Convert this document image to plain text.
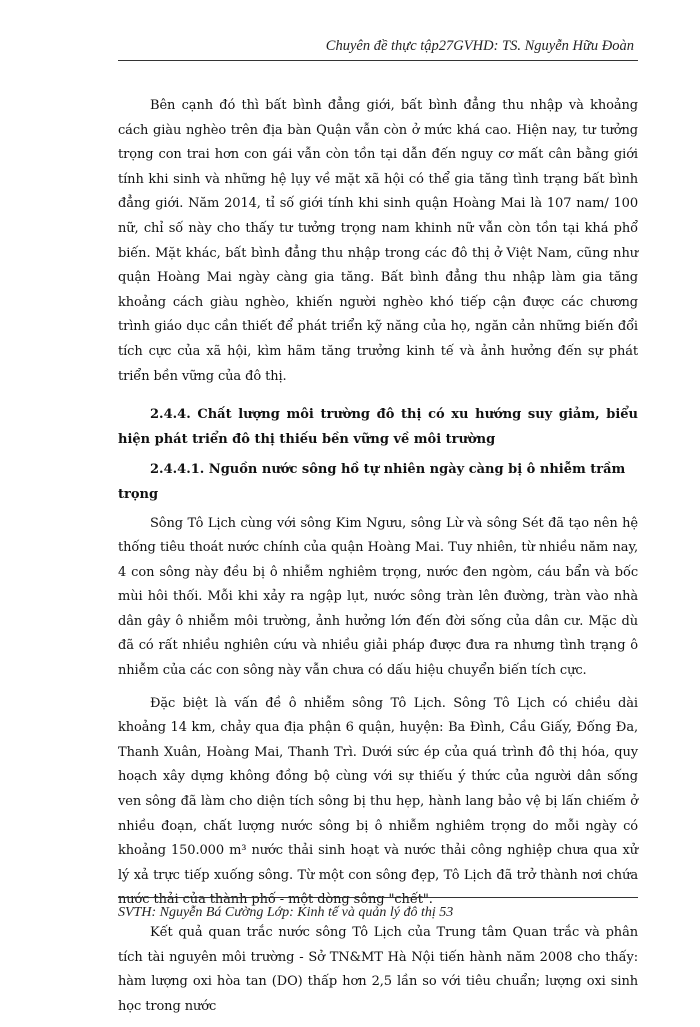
Chuyên đề thực tập27GVHD: TS. Nguyễn Hữu Đoàn

Bên cạnh đó thì bất bình đẳng giới, bất bình đẳng thu nhập và khoảng cách giàu nghèo trên địa bàn Quận vẫn còn ở mức khá cao. Hiện nay, tư tưởng trọng con trai hơn con gái vẫn còn tồn tại dẫn đến nguy cơ mất cân bằng giới tính khi sinh và những hệ lụy về mặt xã hội có thể gia tăng tình trạng bất bình đẳng giới. Năm 2014, tỉ số giới tính khi sinh quận Hoàng Mai là 107 nam/ 100 nữ, chỉ số này cho thấy tư tưởng trọng nam khinh nữ vẫn còn tồn tại khá phổ biến. Mặt khác, bất bình đẳng thu nhập trong các đô thị ở Việt Nam, cũng như quận Hoàng Mai ngày càng gia tăng. Bất bình đẳng thu nhập làm gia tăng khoảng cách giàu nghèo, khiến người nghèo khó tiếp cận được các chương trình giáo dục cần thiết để phát triển kỹ năng của họ, ngăn cản những biến đổi tích cực của xã hội, kìm hãm tăng trưởng kinh tế và ảnh hưởng đến sự phát triển bền vững của đô thị.

2.4.4. Chất lượng môi trường đô thị có xu hướng suy giảm, biểu hiện phát triển đô thị thiếu bền vững về môi trường

2.4.4.1. Nguồn nước sông hồ tự nhiên ngày càng bị ô nhiễm trầm trọng

Sông Tô Lịch cùng với sông Kim Ngưu, sông Lừ và sông Sét đã tạo nên hệ thống tiêu thoát nước chính của quận Hoàng Mai. Tuy nhiên, từ nhiều năm nay, 4 con sông này đều bị ô nhiễm nghiêm trọng, nước đen ngòm, cáu bẩn và bốc mùi hôi thối. Mỗi khi xảy ra ngập lụt, nước sông tràn lên đường, tràn vào nhà dân gây ô nhiễm môi trường, ảnh hưởng lớn đến đời sống của dân cư. Mặc dù đã có rất nhiều nghiên cứu và nhiều giải pháp được đưa ra nhưng tình trạng ô nhiễm của các con sông này vẫn chưa có dấu hiệu chuyển biến tích cực.

Đặc biệt là vấn đề ô nhiễm sông Tô Lịch. Sông Tô Lịch có chiều dài khoảng 14 km, chảy qua địa phận 6 quận, huyện: Ba Đình, Cầu Giấy, Đống Đa, Thanh Xuân, Hoàng Mai, Thanh Trì. Dưới sức ép của quá trình đô thị hóa, quy hoạch xây dựng không đồng bộ cùng với sự thiếu ý thức của người dân sống ven sông đã làm cho diện tích sông bị thu hẹp, hành lang bảo vệ bị lấn chiếm ở nhiều đoạn, chất lượng nước sông bị ô nhiễm nghiêm trọng do mỗi ngày có khoảng 150.000 m³ nước thải sinh hoạt và nước thải công nghiệp chưa qua xử lý xả trực tiếp xuống sông. Từ một con sông đẹp, Tô Lịch đã trở thành nơi chứa nước thải của thành phố - một dòng sông "chết".

Kết quả quan trắc nước sông Tô Lịch của Trung tâm Quan trắc và phân tích tài nguyên môi trường - Sở TN&MT Hà Nội tiến hành năm 2008 cho thấy: hàm lượng oxi hòa tan (DO) thấp hơn 2,5 lần so với tiêu chuẩn; lượng oxi sinh học trong nước

SVTH: Nguyễn Bá Cường Lớp: Kinh tế và quản lý đô thị 53
